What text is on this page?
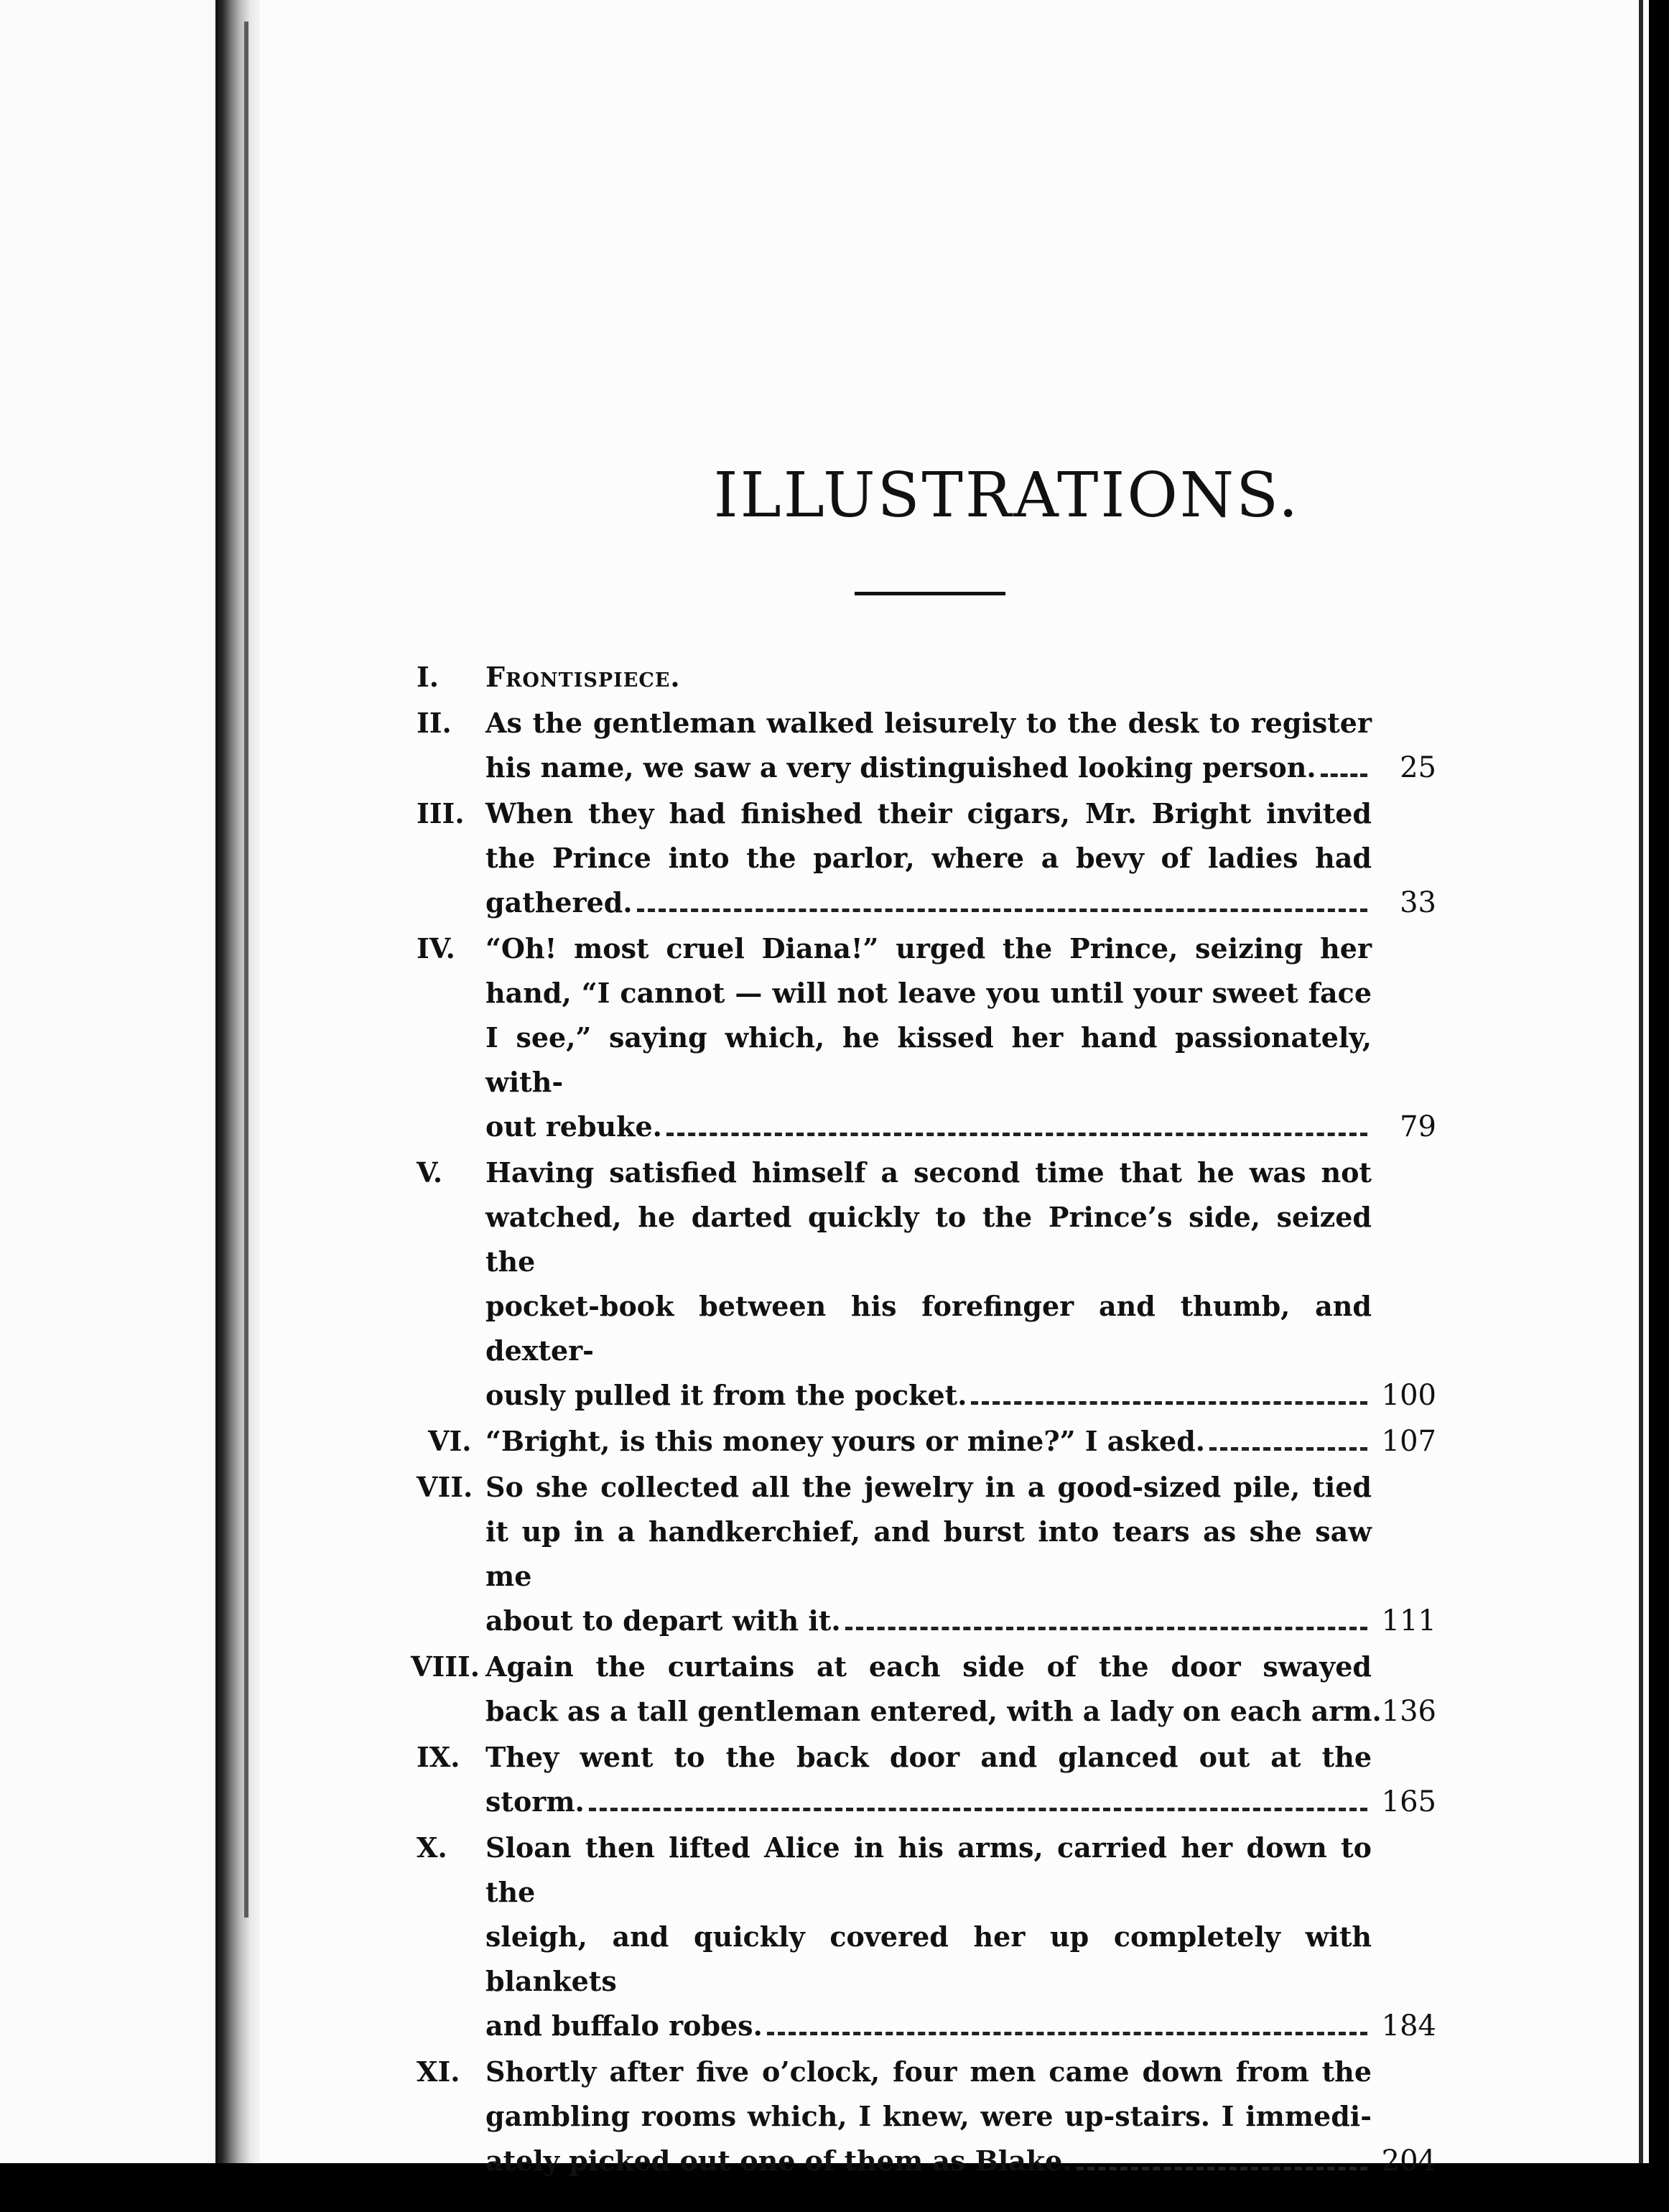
ILLUSTRATIONS.
I.	Frontispiece.
II.	As the gentleman walked leisurely to the desk to register
his name, we saw a very distinguished looking person.	25
III. When they had finished their cigars, Mr. Bright invited
the Prince into the parlor, where a bevy of ladies had
gathered.	33
IV.	“Oh! most cruel Diana!” urged the Prince, seizing her
hand, “I cannot — will not leave you until your sweet face
I see,” saying which, he kissed her hand passionately, with-
out rebuke.	79
V.	Having satisfied himself a second time that he was not
watched, he darted quickly to the Prince’s side, seized the
pocket-book between his forefinger and thumb, and dexter-
ously pulled it from the pocket.	100
VI. “Bright, is this money yours or mine?” I asked.	107
VII. So she collected all the jewelry in a good-sized pile, tied
it up in a handkerchief, and burst into tears as she saw me
about to depart with it.	111
VIII. Again the curtains at each side of the door swayed
back as a tall gentleman entered, with a lady on each arm. 136
IX. They went to the back door and glanced out at the
storm.	165
X.	Sloan then lifted Alice in his arms, carried her down to the
sleigh, and quickly covered her up completely with blankets
and buffalo robes.	184
XI. Shortly after five o’clock, four men came down from the
gambling rooms which, I knew, were up-stairs. I immedi-
ately picked out one of them as Blake.	204
